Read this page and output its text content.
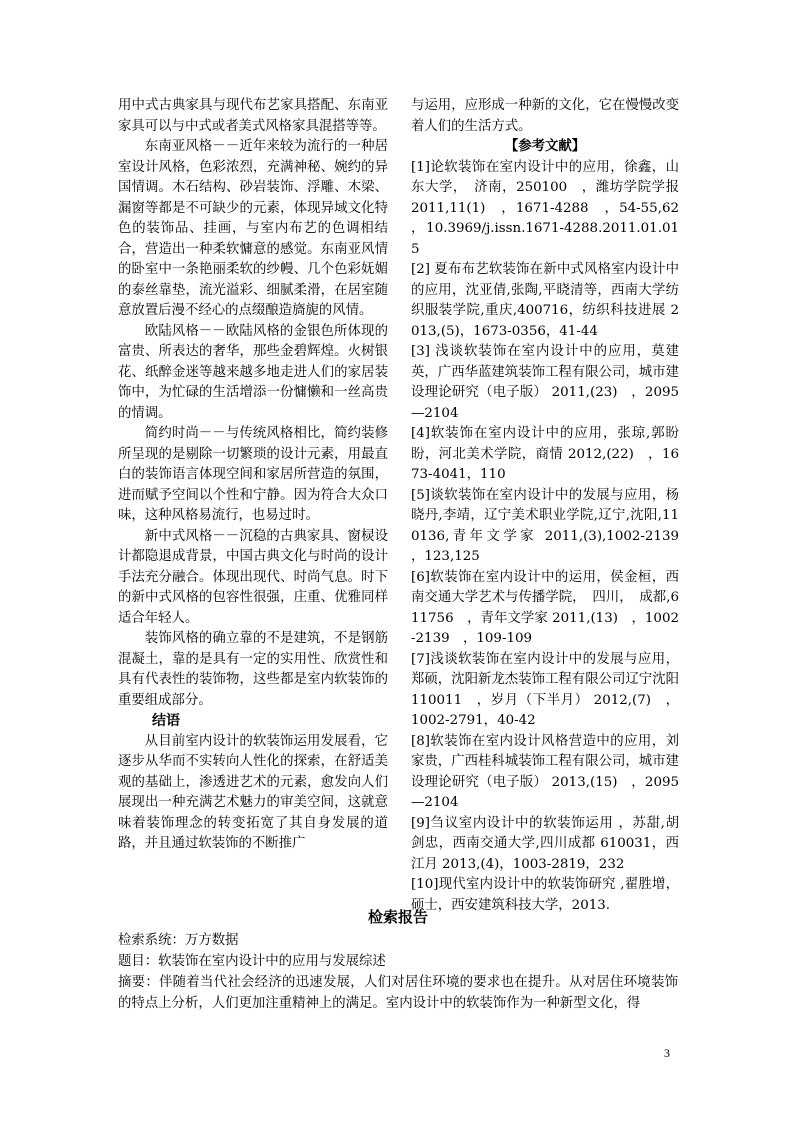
用中式古典家具与现代布艺家具搭配、东南亚家具可以与中式或者美式风格家具混搭等等。

东南亚风格－－近年来较为流行的一种居室设计风格，色彩浓烈，充满神秘、婉约的异国情调。木石结构、砂岩装饰、浮雕、木梁、漏窗等都是不可缺少的元素，体现异域文化特色的装饰品、挂画，与室内布艺的色调相结合，营造出一种柔软慵意的感觉。东南亚风情的卧室中一条艳丽柔软的纱幔、几个色彩妩媚的泰丝靠垫，流光溢彩、细腻柔滑，在居室随意放置后漫不经心的点缀酿造旖旎的风情。

欧陆风格－－欧陆风格的金银色所体现的富贵、所表达的奢华，那些金碧辉煌。火树银花、纸醉金迷等越来越多地走进人们的家居装饰中，为忙碌的生活增添一份慵懒和一丝高贵的情调。

简约时尚－－与传统风格相比，简约装修所呈现的是剔除一切繁琐的设计元素，用最直白的装饰语言体现空间和家居所营造的氛围，进而赋予空间以个性和宁静。因为符合大众口味，这种风格易流行，也易过时。

新中式风格－－沉稳的古典家具、窗棂设计都隐退成背景，中国古典文化与时尚的设计手法充分融合。体现出现代、时尚气息。时下的新中式风格的包容性很强，庄重、优雅同样适合年轻人。

装饰风格的确立靠的不是建筑，不是钢筋混凝土，靠的是具有一定的实用性、欣赏性和具有代表性的装饰物，这些都是室内软装饰的重要组成部分。

结语

从目前室内设计的软装饰运用发展看，它逐步从华而不实转向人性化的探索，在舒适美观的基础上，渗透进艺术的元素，愈发向人们展现出一种充满艺术魅力的审美空间，这就意味着装饰理念的转变拓宽了其自身发展的道路，并且通过软装饰的不断推广

与运用，应形成一种新的文化，它在慢慢改变着人们的生活方式。

【参考文献】

[1]论软装饰在室内设计中的应用，徐鑫，山东大学，　济南，250100　，潍坊学院学报　2011,11(1)　，1671-4288　，54-55,62　，10.3969/j.issn.1671-4288.2011.01.015

[2] 夏布布艺软装饰在新中式风格室内设计中的应用，沈亚倩,张陶,平晓清等，西南大学纺织服装学院,重庆,400716，纺织科技进展 2013,(5)，1673-0356，41-44

[3] 浅谈软装饰在室内设计中的应用，莫建英，广西华蓝建筑装饰工程有限公司，城市建设理论研究（电子版） 2011,(23)　，2095—2104

[4]软装饰在室内设计中的应用，张琼,郭盼盼，河北美术学院，商情 2012,(22)　，1673-4041，110

[5]谈软装饰在室内设计中的发展与应用，杨晓丹,李靖，辽宁美术职业学院,辽宁,沈阳,110136,青年文学家 2011,(3),1002-2139　，123,125

[6]软装饰在室内设计中的运用，侯金桓，西南交通大学艺术与传播学院，　四川，　成都,611756　，青年文学家 2011,(13)　，1002-2139　，109-109

[7]浅谈软装饰在室内设计中的发展与应用，郑硕，沈阳新龙杰装饰工程有限公司辽宁沈阳 110011　，岁月（下半月） 2012,(7)　，1002-2791，40-42

[8]软装饰在室内设计风格营造中的应用，刘家贵，广西桂科城装饰工程有限公司，城市建设理论研究（电子版） 2013,(15)　，2095—2104

[9]刍议室内设计中的软装饰运用 ，苏甜,胡剑忠，西南交通大学,四川成都 610031，西江月 2013,(4)，1003-2819，232

[10]现代室内设计中的软装饰研究 ,翟胜增，硕士，西安建筑科技大学，2013.

检索报告

检索系统：万方数据

题目：软装饰在室内设计中的应用与发展综述

摘要：伴随着当代社会经济的迅速发展，人们对居住环境的要求也在提升。从对居住环境装饰的特点上分析，人们更加注重精神上的满足。室内设计中的软装饰作为一种新型文化，得

3
